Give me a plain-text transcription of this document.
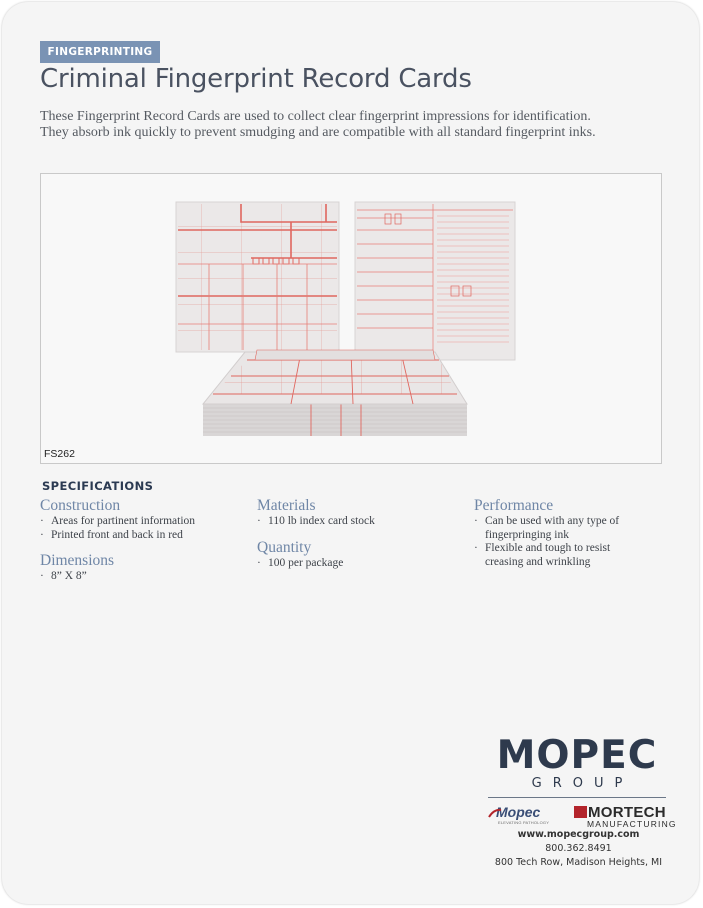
FINGERPRINTING
Criminal Fingerprint Record Cards
These Fingerprint Record Cards are used to collect clear fingerprint impressions for identification. They absorb ink quickly to prevent smudging and are compatible with all standard fingerprint inks.
FS262
SPECIFICATIONS
Construction
· Areas for partinent information
· Printed front and back in red
Dimensions
· 8” X 8”
Materials
· 110 lb index card stock
Quantity
· 100 per package
Performance
· Can be used with any type of fingerpringing ink
· Flexible and tough to resist creasing and wrinkling
MOPEC
GROUP
Mopec
ELEVATING PATHOLOGY
MORTECH
MANUFACTURING
www.mopecgroup.com
800.362.8491
800 Tech Row, Madison Heights, MI
